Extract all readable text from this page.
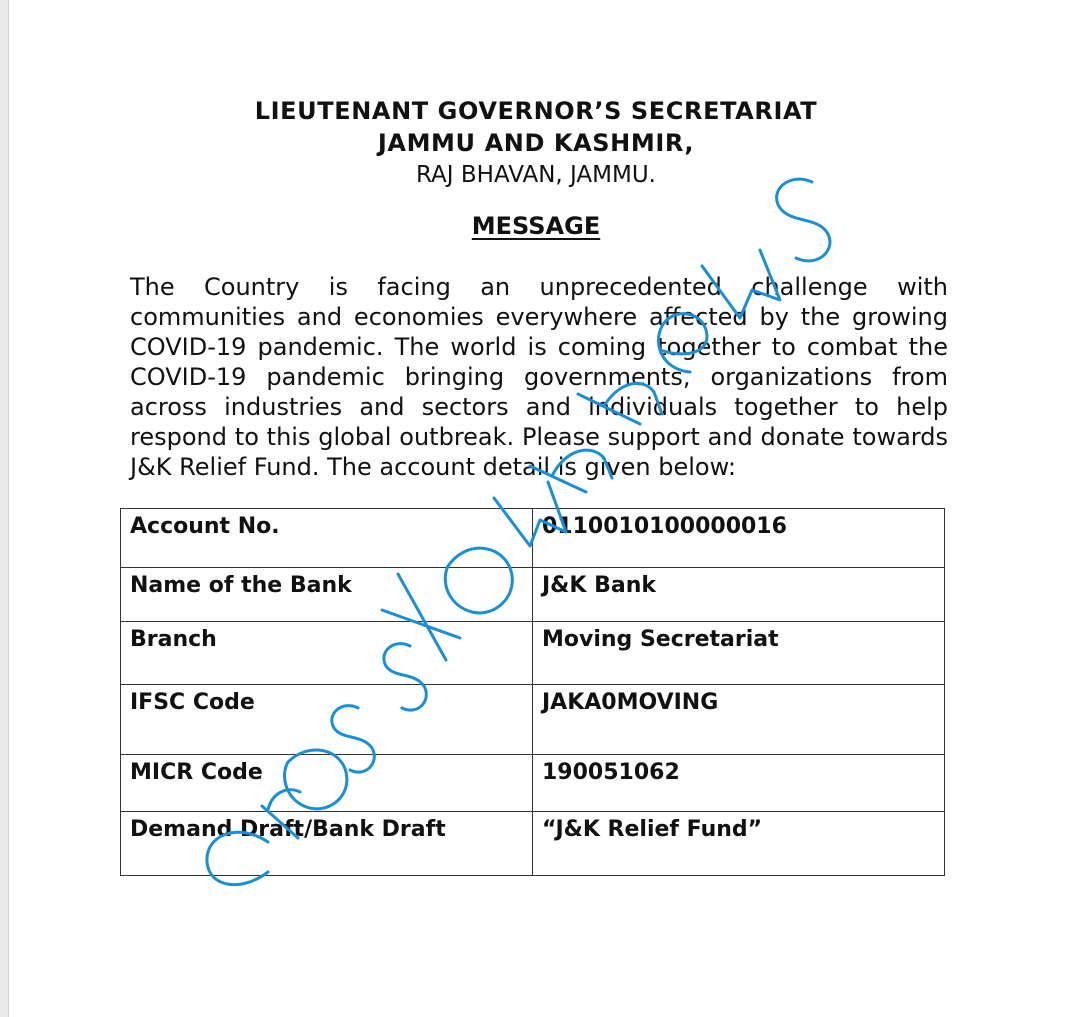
LIEUTENANT GOVERNOR’S SECRETARIAT
JAMMU AND KASHMIR,
RAJ BHAVAN, JAMMU.
MESSAGE

The Country is facing an unprecedented challenge with communities and economies everywhere affected by the growing COVID-19 pandemic. The world is coming together to combat the COVID-19 pandemic bringing governments, organizations from across industries and sectors and individuals together to help respond to this global outbreak. Please support and donate towards J&K Relief Fund. The account detail is given below:

Account No.	0110010100000016
Name of the Bank	J&K Bank
Branch	Moving Secretariat
IFSC Code	JAKA0MOVING
MICR Code	190051062
Demand Draft/Bank Draft	“J&K Relief Fund”
